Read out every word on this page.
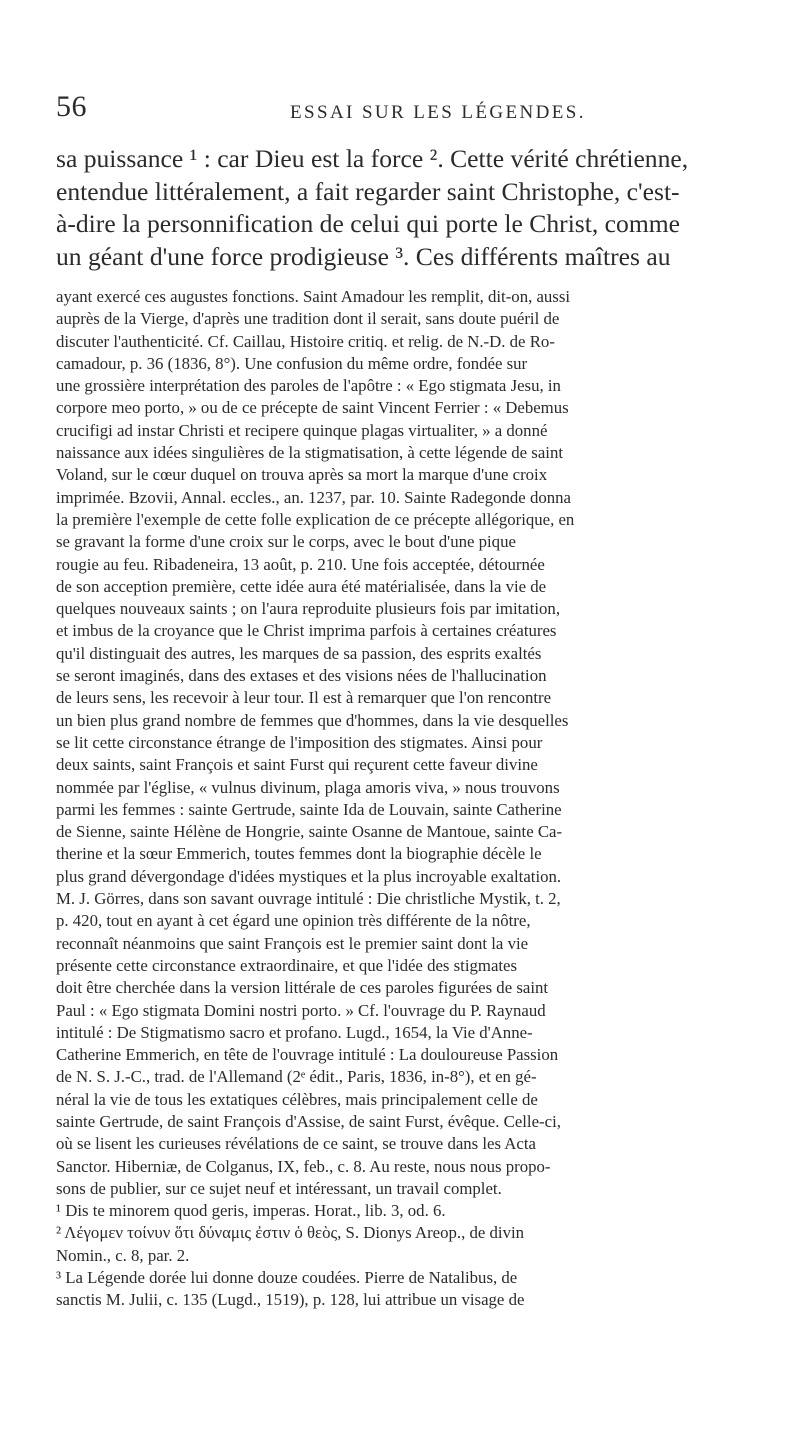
56	ESSAI SUR LES LÉGENDES.

sa puissance ¹ : car Dieu est la force ². Cette vérité chrétienne,
entendue littéralement, a fait regarder saint Christophe, c'est-
à-dire la personnification de celui qui porte le Christ, comme
un géant d'une force prodigieuse ³. Ces différents maîtres au

ayant exercé ces augustes fonctions. Saint Amadour les remplit, dit-on, aussi
auprès de la Vierge, d'après une tradition dont il serait, sans doute puéril de
discuter l'authenticité. Cf. Caillau, Histoire critiq. et relig. de N.-D. de Ro-
camadour, p. 36 (1836, 8°). Une confusion du même ordre, fondée sur
une grossière interprétation des paroles de l'apôtre : « Ego stigmata Jesu, in
corpore meo porto, » ou de ce précepte de saint Vincent Ferrier : « Debemus
crucifigi ad instar Christi et recipere quinque plagas virtualiter, » a donné
naissance aux idées singulières de la stigmatisation, à cette légende de saint
Voland, sur le cœur duquel on trouva après sa mort la marque d'une croix
imprimée. Bzovii, Annal. eccles., an. 1237, par. 10. Sainte Radegonde donna
la première l'exemple de cette folle explication de ce précepte allégorique, en
se gravant la forme d'une croix sur le corps, avec le bout d'une pique
rougie au feu. Ribadeneira, 13 août, p. 210. Une fois acceptée, détournée
de son acception première, cette idée aura été matérialisée, dans la vie de
quelques nouveaux saints ; on l'aura reproduite plusieurs fois par imitation,
et imbus de la croyance que le Christ imprima parfois à certaines créatures
qu'il distinguait des autres, les marques de sa passion, des esprits exaltés
se seront imaginés, dans des extases et des visions nées de l'hallucination
de leurs sens, les recevoir à leur tour. Il est à remarquer que l'on rencontre
un bien plus grand nombre de femmes que d'hommes, dans la vie desquelles
se lit cette circonstance étrange de l'imposition des stigmates. Ainsi pour
deux saints, saint François et saint Furst qui reçurent cette faveur divine
nommée par l'église, « vulnus divinum, plaga amoris viva, » nous trouvons
parmi les femmes : sainte Gertrude, sainte Ida de Louvain, sainte Catherine
de Sienne, sainte Hélène de Hongrie, sainte Osanne de Mantoue, sainte Ca-
therine et la sœur Emmerich, toutes femmes dont la biographie décèle le
plus grand dévergondage d'idées mystiques et la plus incroyable exaltation.
M. J. Görres, dans son savant ouvrage intitulé : Die christliche Mystik, t. 2,
p. 420, tout en ayant à cet égard une opinion très différente de la nôtre,
reconnaît néanmoins que saint François est le premier saint dont la vie
présente cette circonstance extraordinaire, et que l'idée des stigmates
doit être cherchée dans la version littérale de ces paroles figurées de saint
Paul : « Ego stigmata Domini nostri porto. » Cf. l'ouvrage du P. Raynaud
intitulé : De Stigmatismo sacro et profano. Lugd., 1654, la Vie d'Anne-
Catherine Emmerich, en tête de l'ouvrage intitulé : La douloureuse Passion
de N. S. J.-C., trad. de l'Allemand (2ᵉ édit., Paris, 1836, in-8°), et en gé-
néral la vie de tous les extatiques célèbres, mais principalement celle de
sainte Gertrude, de saint François d'Assise, de saint Furst, évêque. Celle-ci,
où se lisent les curieuses révélations de ce saint, se trouve dans les Acta
Sanctor. Hiberniæ, de Colganus, IX, feb., c. 8. Au reste, nous nous propo-
sons de publier, sur ce sujet neuf et intéressant, un travail complet.
¹ Dis te minorem quod geris, imperas. Horat., lib. 3, od. 6.
² Λέγομεν τοίνυν ὅτι δύναμις ἐστιν ὁ θεὸς, S. Dionys Areop., de divin
Nomin., c. 8, par. 2.
³ La Légende dorée lui donne douze coudées. Pierre de Natalibus, de
sanctis M. Julii, c. 135 (Lugd., 1519), p. 128, lui attribue un visage de
